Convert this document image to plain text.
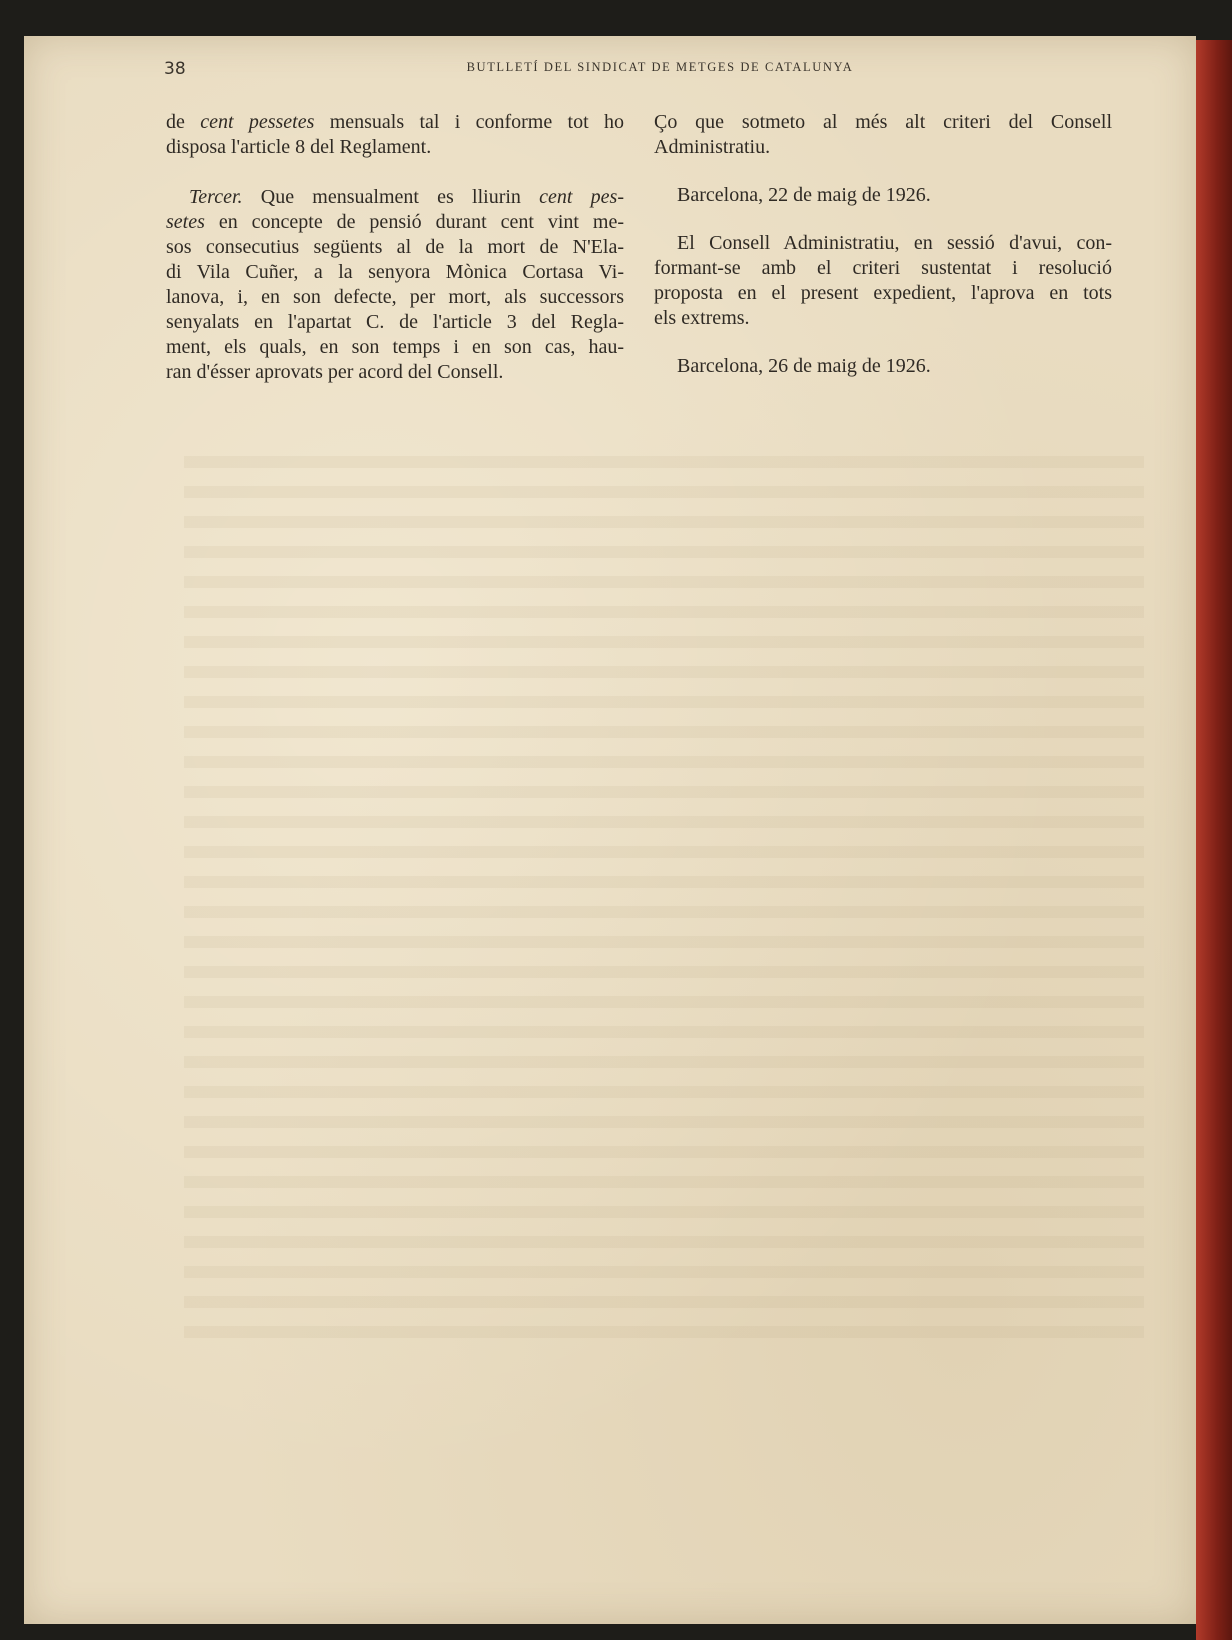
38	BUTLLETÍ DEL SINDICAT DE METGES DE CATALUNYA
de cent pessetes mensuals tal i conforme tot ho
disposa l'article 8 del Reglament.
Tercer. Que mensualment es lliurin cent pes-
setes en concepte de pensió durant cent vint me-
sos consecutius següents al de la mort de N'Ela-
di Vila Cuñer, a la senyora Mònica Cortasa Vi-
lanova, i, en son defecte, per mort, als successors
senyalats en l'apartat C. de l'article 3 del Regla-
ment, els quals, en son temps i en son cas, hau-
ran d'ésser aprovats per acord del Consell.
Ço que sotmeto al més alt criteri del Consell
Administratiu.
Barcelona, 22 de maig de 1926.
El Consell Administratiu, en sessió d'avui, con-
formant-se amb el criteri sustentat i resolució
proposta en el present expedient, l'aprova en tots
els extrems.
Barcelona, 26 de maig de 1926.
